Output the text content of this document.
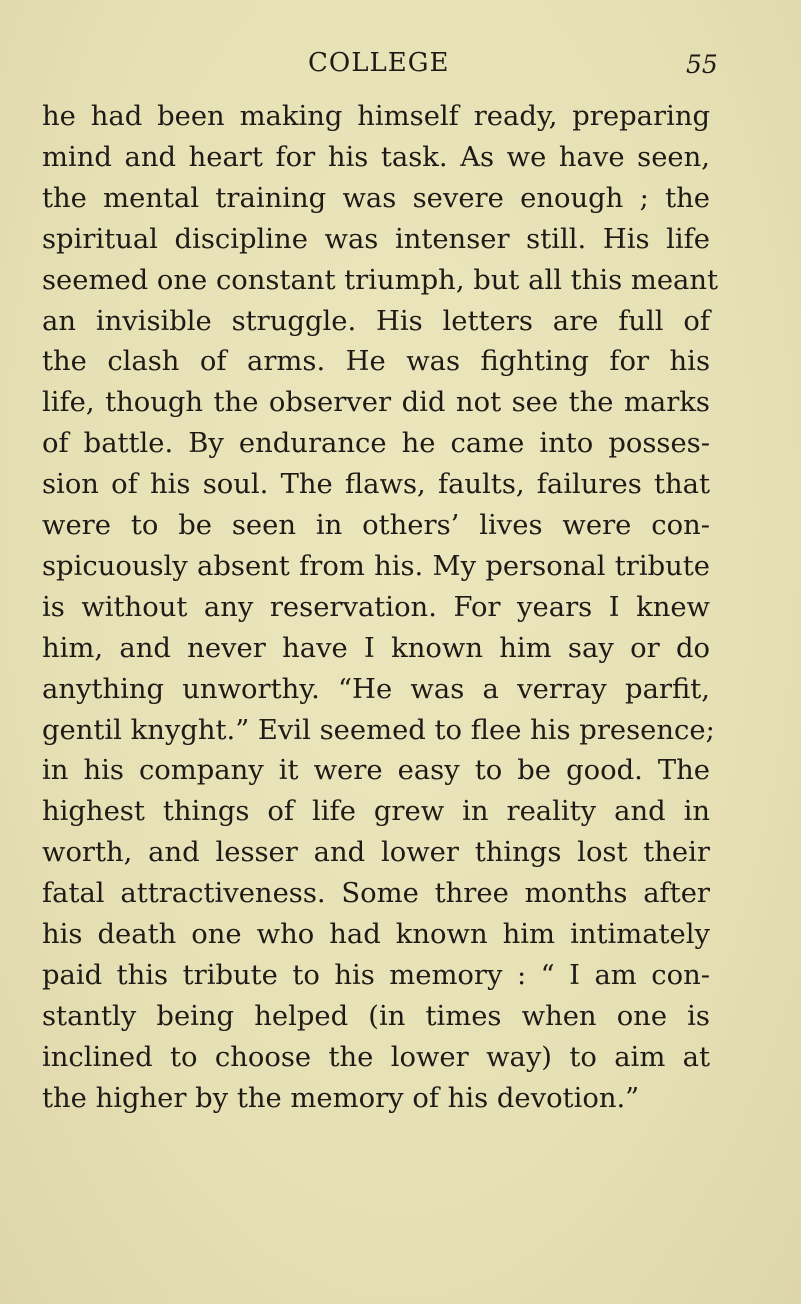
COLLEGE	55
he had been making himself ready, preparing
mind and heart for his task. As we have seen,
the mental training was severe enough ; the
spiritual discipline was intenser still. His life
seemed one constant triumph, but all this meant
an invisible struggle. His letters are full of
the clash of arms. He was fighting for his
life, though the observer did not see the marks
of battle. By endurance he came into posses-
sion of his soul. The flaws, faults, failures that
were to be seen in others’ lives were con-
spicuously absent from his. My personal tribute
is without any reservation. For years I knew
him, and never have I known him say or do
anything unworthy. “He was a verray parfit,
gentil knyght.” Evil seemed to flee his presence;
in his company it were easy to be good. The
highest things of life grew in reality and in
worth, and lesser and lower things lost their
fatal attractiveness. Some three months after
his death one who had known him intimately
paid this tribute to his memory : “ I am con-
stantly being helped (in times when one is
inclined to choose the lower way) to aim at
the higher by the memory of his devotion.”
